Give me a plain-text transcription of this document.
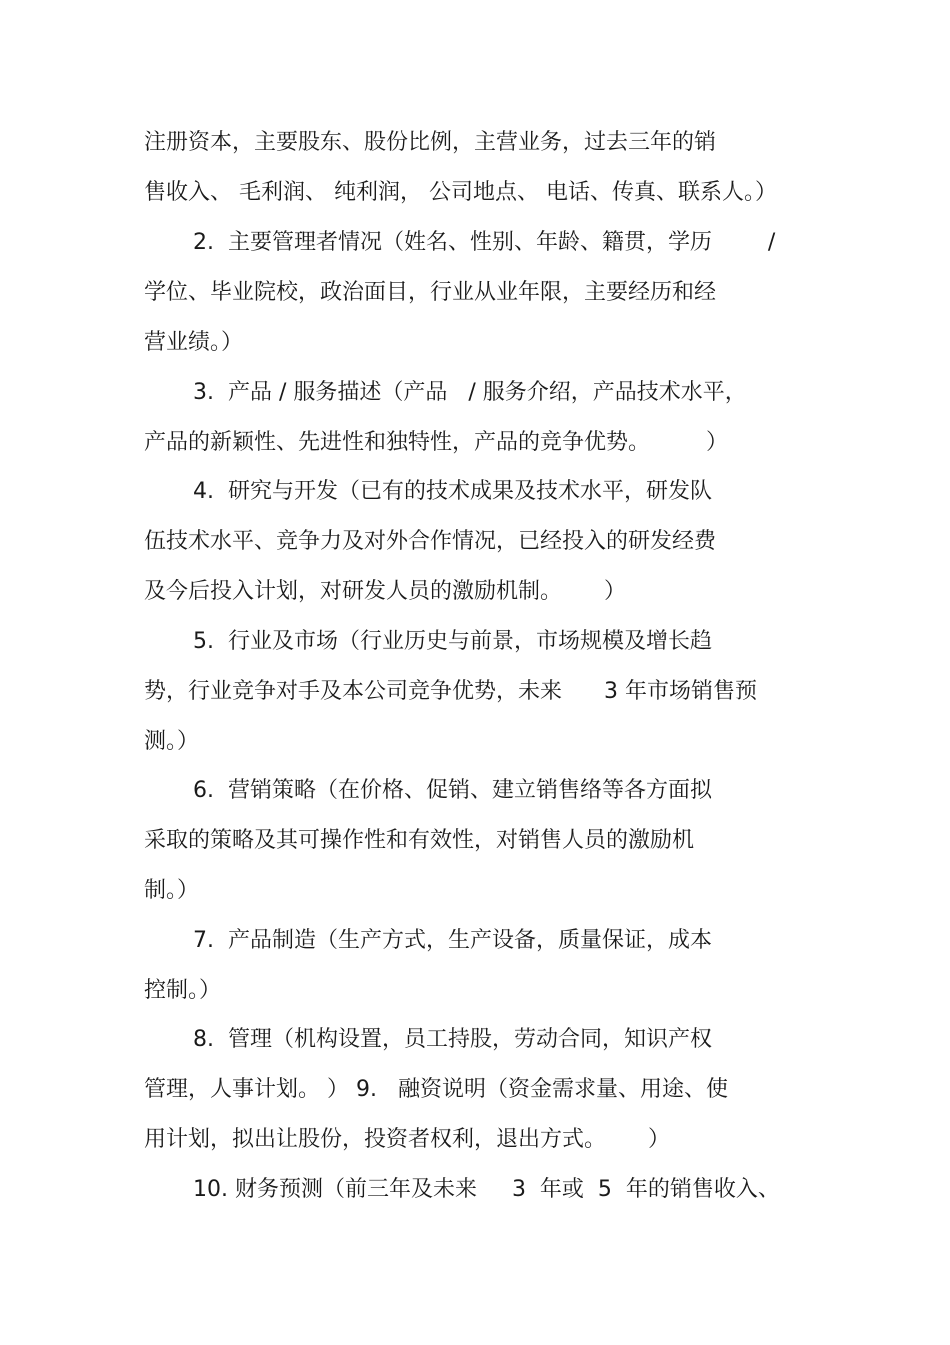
注册资本，主要股东、股份比例，主营业务，过去三年的销
售收入、 毛利润、 纯利润， 公司地点、 电话、传真、联系人。）
2.  主要管理者情况（姓名、性别、年龄、籍贯，学历        /
学位、毕业院校，政治面目，行业从业年限，主要经历和经
营业绩。）
3.  产品 / 服务描述（产品   / 服务介绍，产品技术水平，
产品的新颖性、先进性和独特性，产品的竞争优势。        ）
4.  研究与开发（已有的技术成果及技术水平，研发队
伍技术水平、竞争力及对外合作情况，已经投入的研发经费
及今后投入计划，对研发人员的激励机制。      ）
5.  行业及市场（行业历史与前景，市场规模及增长趋
势，行业竞争对手及本公司竞争优势，未来      3 年市场销售预
测。）
6.  营销策略（在价格、促销、建立销售络等各方面拟
采取的策略及其可操作性和有效性，对销售人员的激励机
制。）
7.  产品制造（生产方式，生产设备，质量保证，成本
控制。）
8.  管理（机构设置，员工持股，劳动合同，知识产权
管理，人事计划。 ） 9.   融资说明（资金需求量、用途、使
用计划，拟出让股份，投资者权利，退出方式。      ）
10. 财务预测（前三年及未来     3  年或  5  年的销售收入、
